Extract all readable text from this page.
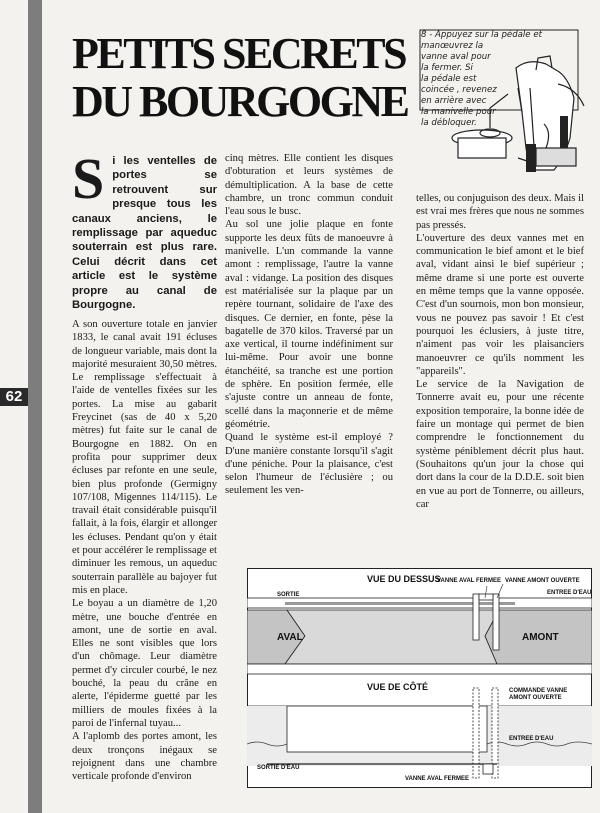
62
PETITS SECRETS
DU BOURGOGNE
8 - Appuyez sur la pédale et
manœuvrez la
vanne aval pour
la fermer. Si
la pédale est
coincée , revenez
en arrière avec
la manivelle pour
la débloquer.

Si les ventelles de portes se retrouvent sur presque tous les canaux anciens, le remplissage par aqueduc souterrain est plus rare. Celui décrit dans cet article est le système propre au canal de Bourgogne.

A son ouverture totale en janvier 1833, le canal avait 191 écluses de longueur variable, mais dont la majorité mesuraient 30,50 mètres. Le remplissage s'effectuait à l'aide de ventelles fixées sur les portes. La mise au gabarit Freycinet (sas de 40 x 5,20 mètres) fut faite sur le canal de Bourgogne en 1882. On en profita pour supprimer deux écluses par refonte en une seule, bien plus profonde (Germigny 107/108, Migennes 114/115). Le travail était considérable puisqu'il fallait, à la fois, élargir et allonger les écluses. Pendant qu'on y était et pour accélérer le remplissage et diminuer les remous, un aqueduc souterrain parallèle au bajoyer fut mis en place.

Le boyau a un diamètre de 1,20 mètre, une bouche d'entrée en amont, une de sortie en aval. Elles ne sont visibles que lors d'un chômage. Leur diamètre permet d'y circuler courbé, le nez bouché, la peau du crâne en alerte, l'épiderme guetté par les milliers de moules fixées à la paroi de l'infernal tuyau...

A l'aplomb des portes amont, les deux tronçons inégaux se rejoignent dans une chambre verticale profonde d'environ

cinq mètres. Elle contient les disques d'obturation et leurs systèmes de démultiplication. A la base de cette chambre, un tronc commun conduit l'eau sous le busc.

Au sol une jolie plaque en fonte supporte les deux fûts de manoeuvre à manivelle. L'un commande la vanne amont : remplissage, l'autre la vanne aval : vidange. La position des disques est matérialisée sur la plaque par un repère tournant, solidaire de l'axe des disques. Ce dernier, en fonte, pèse la bagatelle de 370 kilos. Traversé par un axe vertical, il tourne indéfiniment sur lui-même. Pour avoir une bonne étanchéité, sa tranche est une portion de sphère. En position fermée, elle s'ajuste contre un anneau de fonte, scellé dans la maçonnerie et de même géométrie.

Quand le système est-il employé ? D'une manière constante lorsqu'il s'agit d'une péniche. Pour la plaisance, c'est selon l'humeur de l'éclusière ; ou seulement les ven-

telles, ou conjuguison des deux. Mais il est vrai mes frères que nous ne sommes pas pressés.

L'ouverture des deux vannes met en communication le bief amont et le bief aval, vidant ainsi le bief supérieur ; même drame si une porte est ouverte en même temps que la vanne opposée. C'est d'un sournois, mon bon monsieur, vous ne pouvez pas savoir ! Et c'est pourquoi les éclusiers, à juste titre, n'aiment pas voir les plaisanciers manoeuvrer ce qu'ils nomment les "appareils".

Le service de la Navigation de Tonnerre avait eu, pour une récente exposition temporaire, la bonne idée de faire un montage qui permet de bien comprendre le fonctionnement du système péniblement décrit plus haut. (Souhaitons qu'un jour la chose qui dort dans la cour de la D.D.E. soit bien en vue au port de Tonnerre, ou ailleurs, car

VUE DU DESSUS
SORTIE
VANNE AVAL FERMEE VANNE AMONT OUVERTE
ENTREE D'EAU
AVAL	AMONT
VUE DE CÔTÉ	COMMANDE VANNE
AMONT OUVERTE
ENTREE D'EAU
SORTIE D'EAU
VANNE AVAL FERMEE
